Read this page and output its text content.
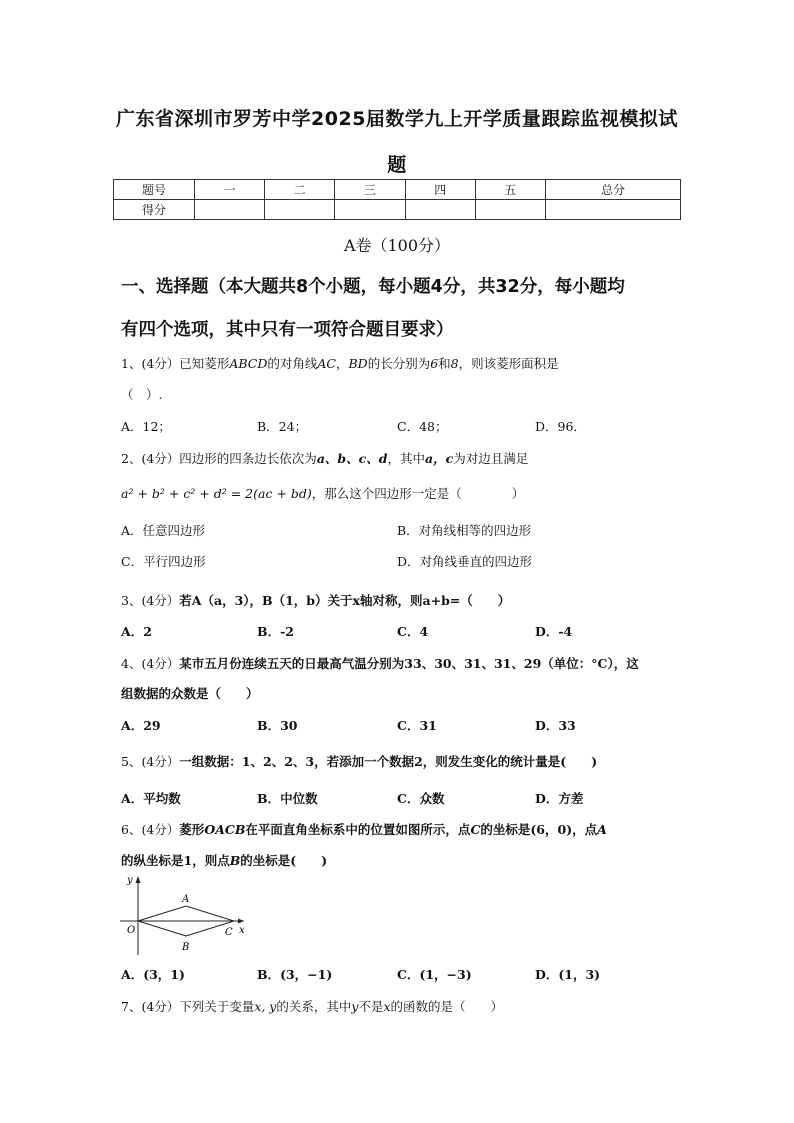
广东省深圳市罗芳中学2025届数学九上开学质量跟踪监视模拟试
题
题号	一	二	三	四	五	总分
得分						
A卷（100分）
一、选择题（本大题共8个小题，每小题4分，共32分，每小题均
有四个选项，其中只有一项符合题目要求）
1、(4分）已知菱形ABCD的对角线AC，BD的长分别为6和8，则该菱形面积是
（　）.
A．12；	B．24；	C．48；	D．96．
2、(4分）四边形的四条边长依次为a、b、c、d，其中a，c为对边且满足
a² + b² + c² + d² = 2(ac + bd)，那么这个四边形一定是（　　　　）
A．任意四边形	B．对角线相等的四边形
C．平行四边形	D．对角线垂直的四边形
3、(4分）若A（a，3），B（1，b）关于x轴对称，则a+b=（　　）
A．2	B．-2	C．4	D．-4
4、(4分）某市五月份连续五天的日最高气温分别为33、30、31、31、29（单位：°C），这
组数据的众数是（　　）
A．29	B．30	C．31	D．33
5、(4分）一组数据：1、2、2、3，若添加一个数据2，则发生变化的统计量是(　　)
A．平均数	B．中位数	C．众数	D．方差
6、(4分）菱形OACB在平面直角坐标系中的位置如图所示，点C的坐标是(6，0)，点A
的纵坐标是1，则点B的坐标是(　　)
y
x
O
A
B
C
A．(3，1)	B．(3，−1)	C．(1，−3)	D．(1，3)
7、(4分）下列关于变量x, y的关系，其中y不是x的函数的是（　　）
